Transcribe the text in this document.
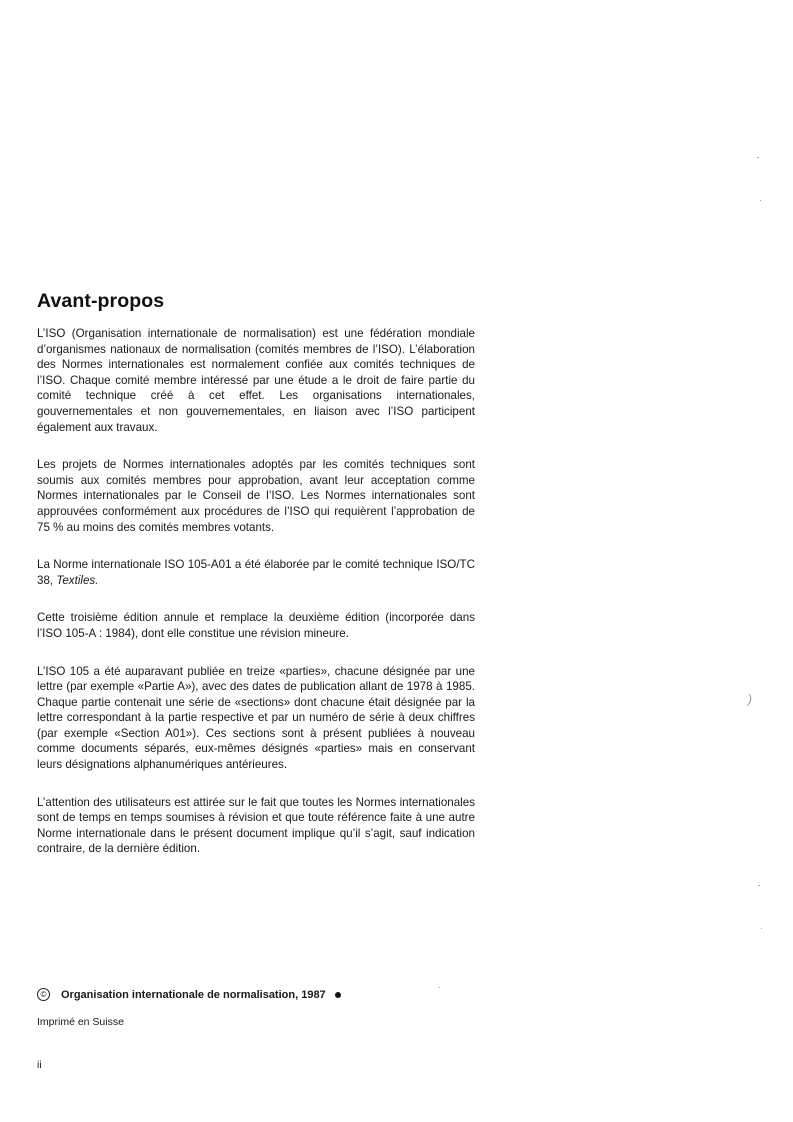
Avant-propos

L’ISO (Organisation internationale de normalisation) est une fédération mondiale d’organismes nationaux de normalisation (comités membres de l’ISO). L’élaboration des Normes internationales est normalement confiée aux comités techniques de l’ISO. Chaque comité membre intéressé par une étude a le droit de faire partie du comité technique créé à cet effet. Les organisations internationales, gouvernementales et non gouvernementales, en liaison avec l’ISO participent également aux travaux.

Les projets de Normes internationales adoptés par les comités techniques sont soumis aux comités membres pour approbation, avant leur acceptation comme Normes internationales par le Conseil de l’ISO. Les Normes internationales sont approuvées conformément aux procédures de l’ISO qui requièrent l’approbation de 75 % au moins des comités membres votants.

La Norme internationale ISO 105-A01 a été élaborée par le comité technique ISO/TC 38, Textiles.

Cette troisième édition annule et remplace la deuxième édition (incorporée dans l’ISO 105-A : 1984), dont elle constitue une révision mineure.

L’ISO 105 a été auparavant publiée en treize «parties», chacune désignée par une lettre (par exemple «Partie A»), avec des dates de publication allant de 1978 à 1985. Chaque partie contenait une série de «sections» dont chacune était désignée par la lettre correspondant à la partie respective et par un numéro de série à deux chiffres (par exemple «Section A01»). Ces sections sont à présent publiées à nouveau comme documents séparés, eux-mêmes désignés «parties» mais en conservant leurs désignations alphanumériques antérieures.

L’attention des utilisateurs est attirée sur le fait que toutes les Normes internationales sont de temps en temps soumises à révision et que toute référence faite à une autre Norme internationale dans le présent document implique qu’il s’agit, sauf indication contraire, de la dernière édition.

©	Organisation internationale de normalisation, 1987
Imprimé en Suisse
ii
)
